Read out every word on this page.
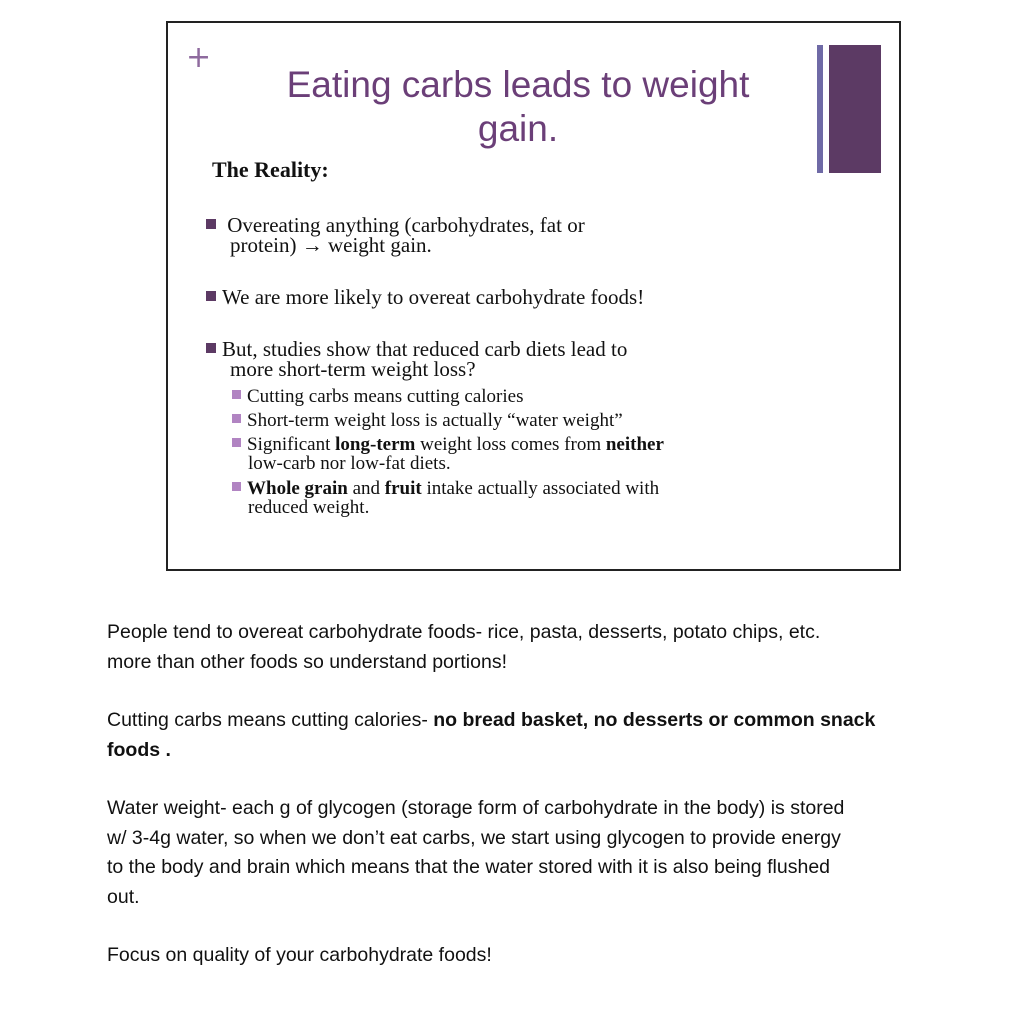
+
Eating carbs leads to weight
gain.
The Reality:
Overeating anything (carbohydrates, fat or
protein) → weight gain.
We are more likely to overeat carbohydrate foods!
But, studies show that reduced carb diets lead to
more short-term weight loss?
Cutting carbs means cutting calories
Short-term weight loss is actually “water weight”
Significant long-term weight loss comes from neither
low-carb nor low-fat diets.
Whole grain and fruit intake actually associated with
reduced weight.
People tend to overeat carbohydrate foods- rice, pasta, desserts, potato chips, etc.
more than other foods so understand portions!
Cutting carbs means cutting calories- no bread basket, no desserts or common snack
foods .
Water weight- each g of glycogen (storage form of carbohydrate in the body) is stored
w/ 3-4g water, so when we don’t eat carbs, we start using glycogen to provide energy
to the body and brain which means that the water stored with it is also being flushed
out.
Focus on quality of your carbohydrate foods!
